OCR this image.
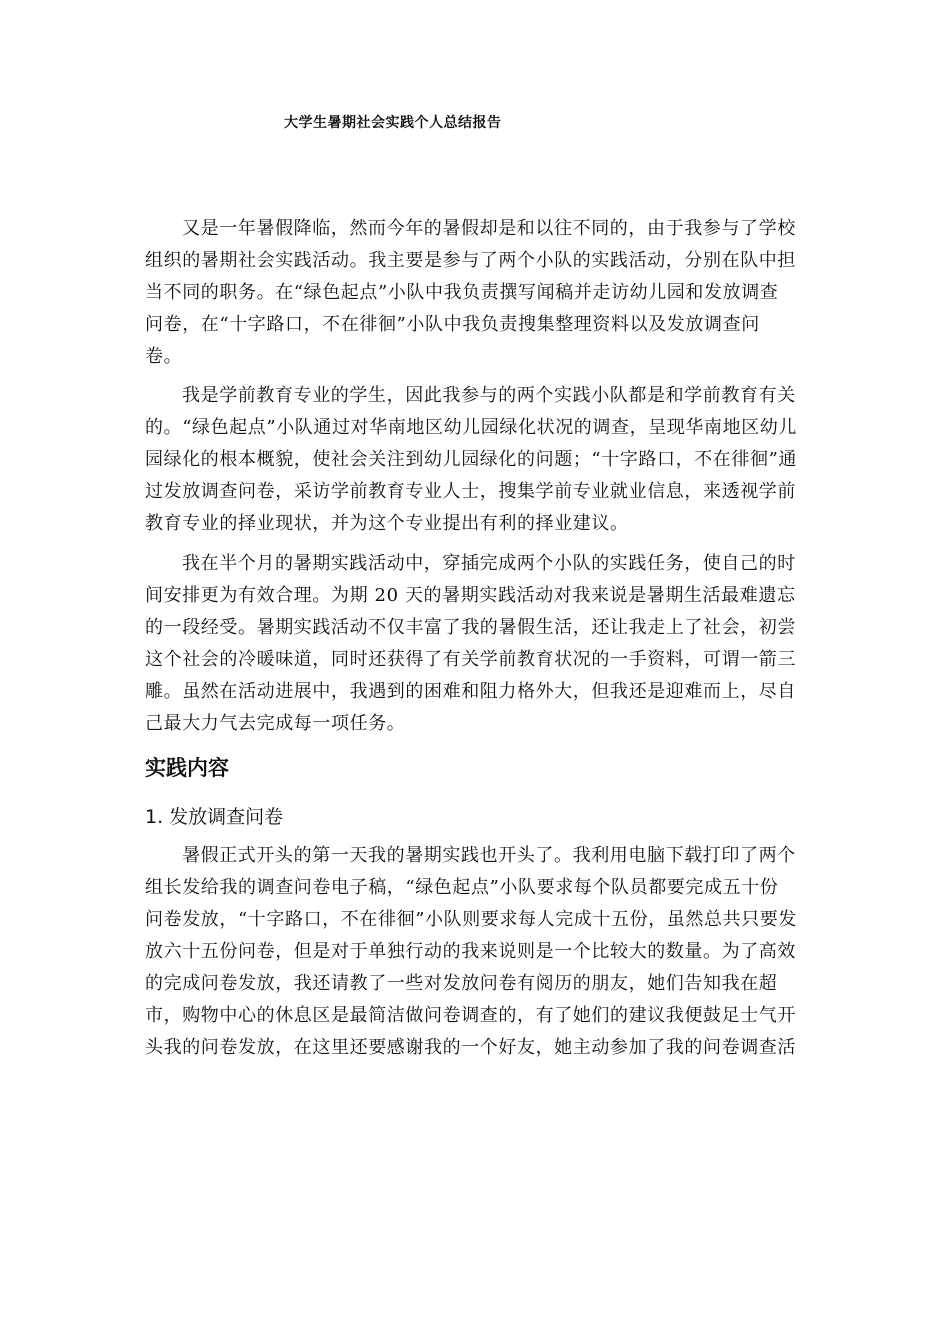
大学生暑期社会实践个人总结报告
又是一年暑假降临，然而今年的暑假却是和以往不同的，由于我参与了学校
组织的暑期社会实践活动。我主要是参与了两个小队的实践活动，分别在队中担
当不同的职务。在“绿色起点”小队中我负责撰写闻稿并走访幼儿园和发放调查
问卷，在“十字路口，不在徘徊”小队中我负责搜集整理资料以及发放调查问
卷。
我是学前教育专业的学生，因此我参与的两个实践小队都是和学前教育有关
的。“绿色起点”小队通过对华南地区幼儿园绿化状况的调查，呈现华南地区幼儿
园绿化的根本概貌，使社会关注到幼儿园绿化的问题；“十字路口，不在徘徊”通
过发放调查问卷，采访学前教育专业人士，搜集学前专业就业信息，来透视学前
教育专业的择业现状，并为这个专业提出有利的择业建议。
我在半个月的暑期实践活动中，穿插完成两个小队的实践任务，使自己的时
间安排更为有效合理。为期 20 天的暑期实践活动对我来说是暑期生活最难遗忘
的一段经受。暑期实践活动不仅丰富了我的暑假生活，还让我走上了社会，初尝
这个社会的冷暖味道，同时还获得了有关学前教育状况的一手资料，可谓一箭三
雕。虽然在活动进展中，我遇到的困难和阻力格外大，但我还是迎难而上，尽自
己最大力气去完成每一项任务。
实践内容
1. 发放调查问卷
暑假正式开头的第一天我的暑期实践也开头了。我利用电脑下载打印了两个
组长发给我的调查问卷电子稿，“绿色起点”小队要求每个队员都要完成五十份
问卷发放，“十字路口，不在徘徊”小队则要求每人完成十五份，虽然总共只要发
放六十五份问卷，但是对于单独行动的我来说则是一个比较大的数量。为了高效
的完成问卷发放，我还请教了一些对发放问卷有阅历的朋友，她们告知我在超
市，购物中心的休息区是最简洁做问卷调查的，有了她们的建议我便鼓足士气开
头我的问卷发放，在这里还要感谢我的一个好友，她主动参加了我的问卷调查活
